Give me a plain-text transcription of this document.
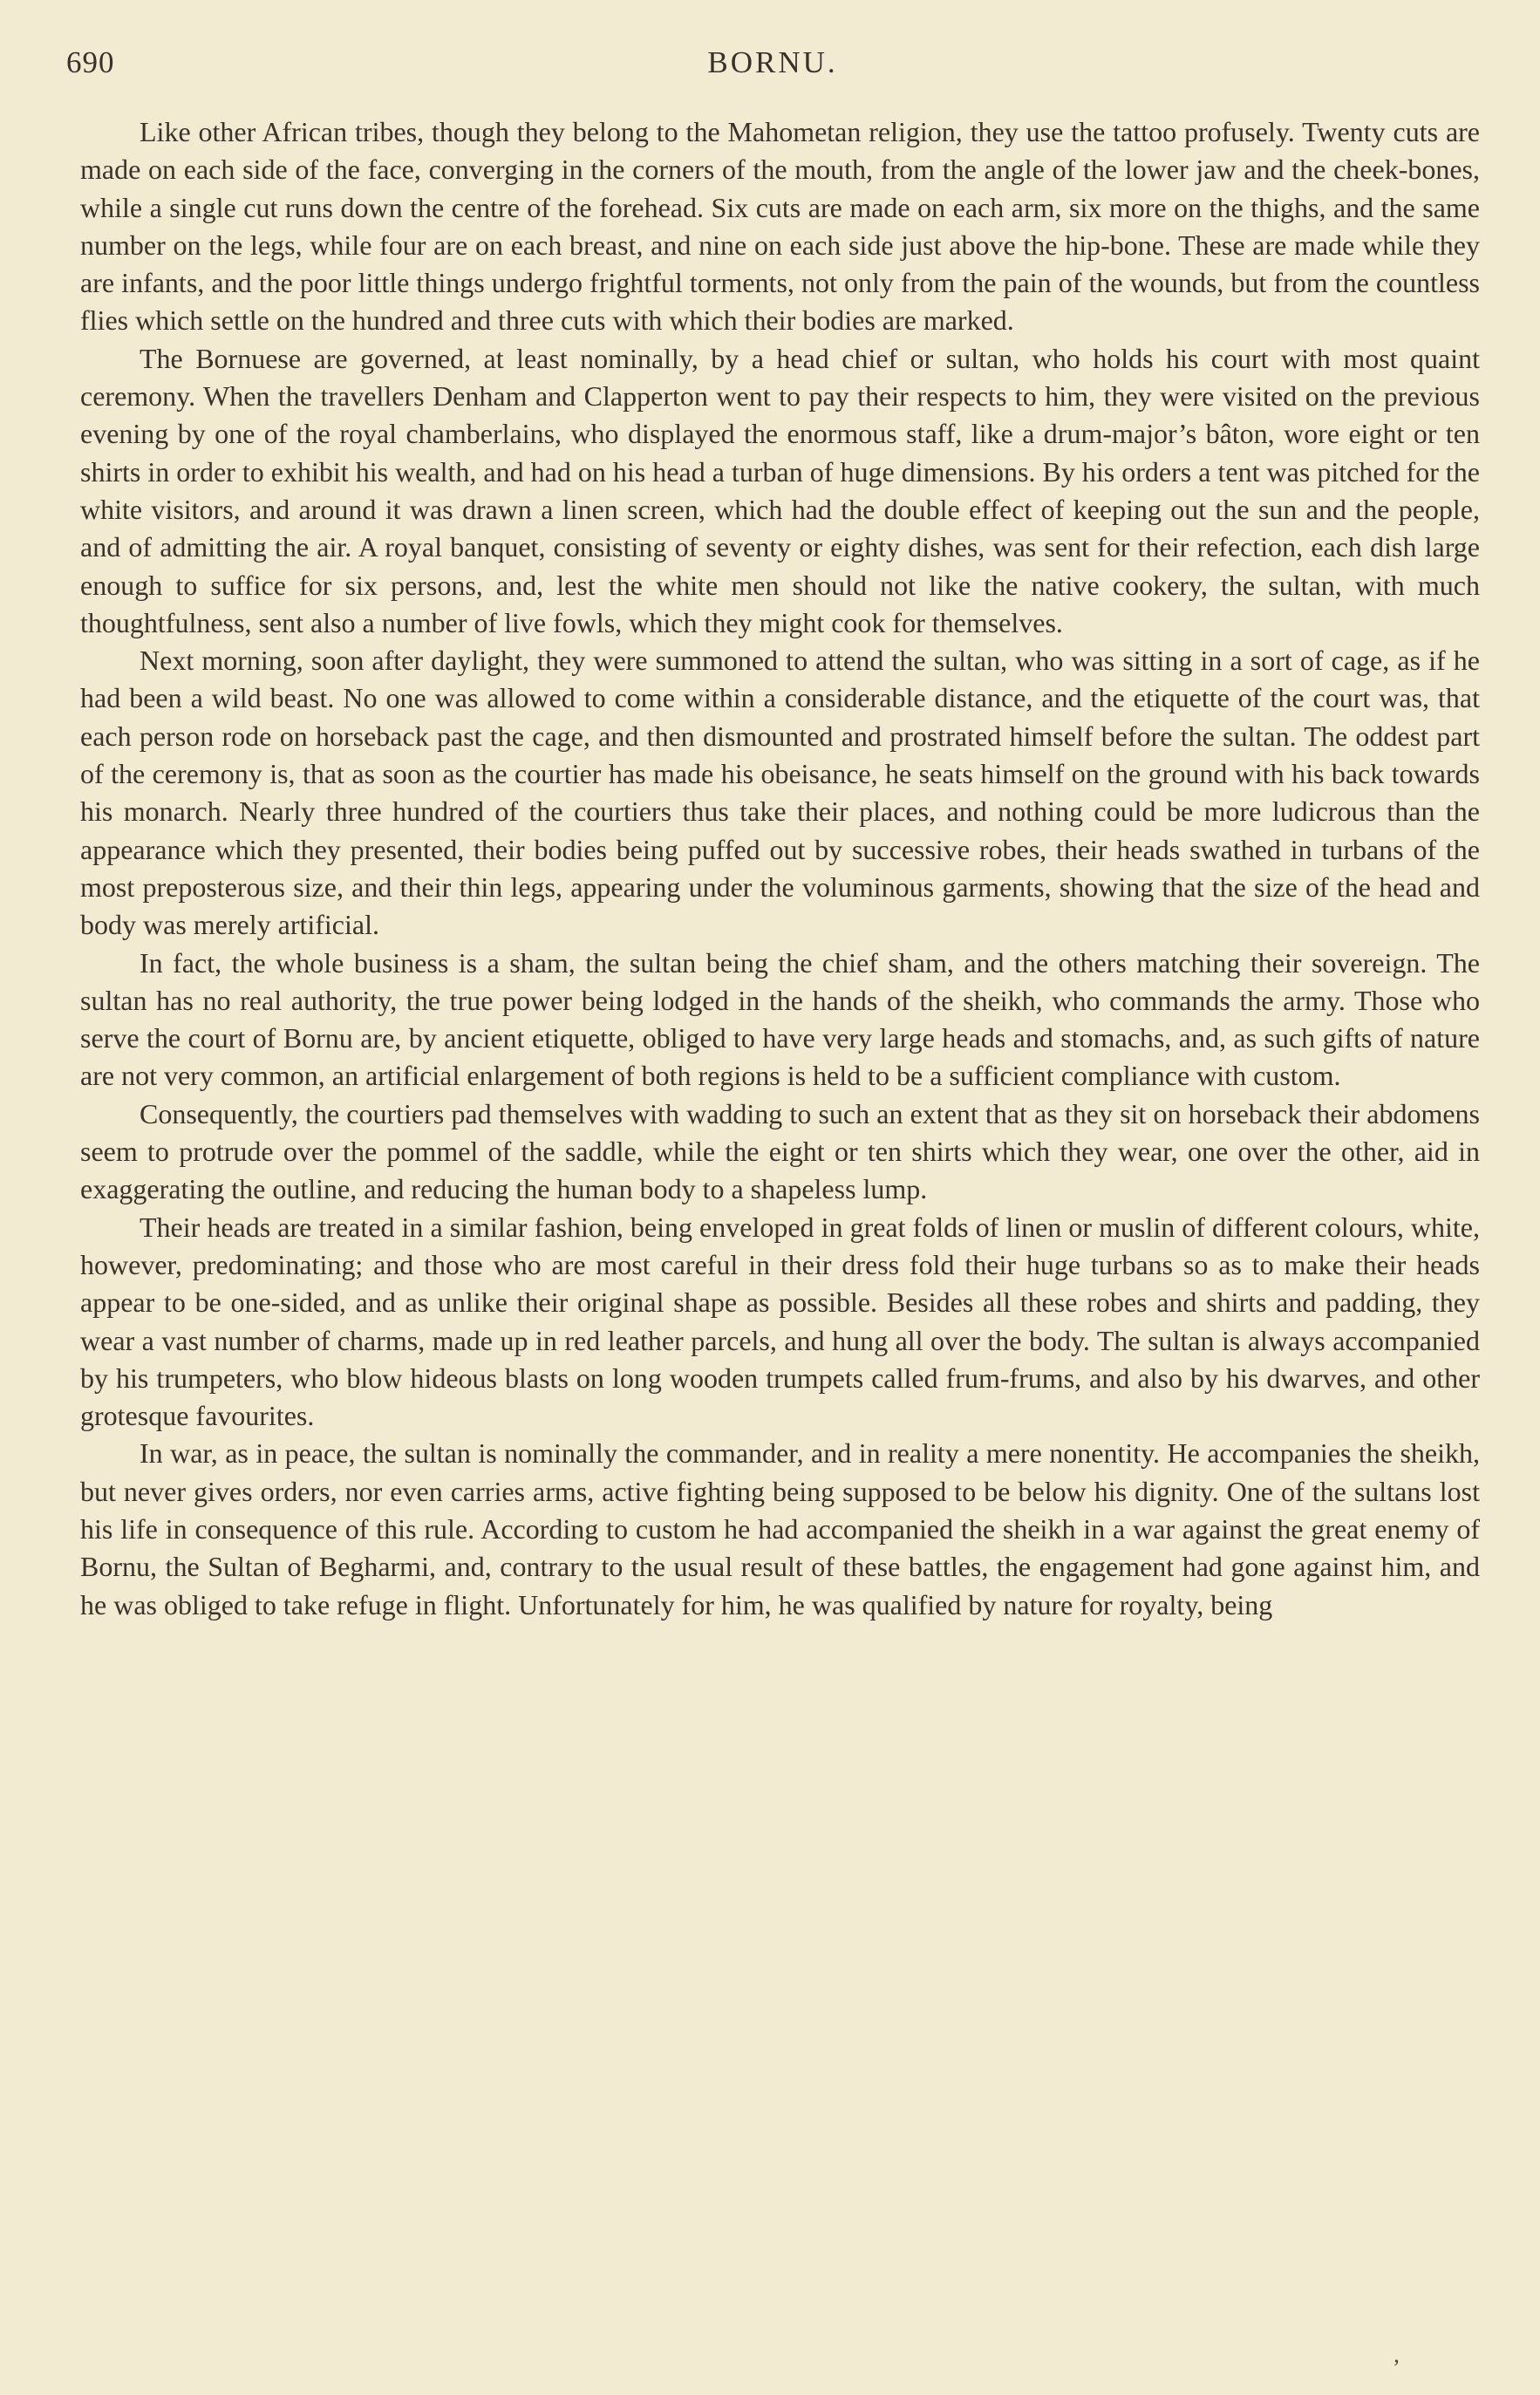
690	BORNU.

Like other African tribes, though they belong to the Mahometan religion, they use the tattoo profusely. Twenty cuts are made on each side of the face, converging in the corners of the mouth, from the angle of the lower jaw and the cheek-bones, while a single cut runs down the centre of the forehead. Six cuts are made on each arm, six more on the thighs, and the same number on the legs, while four are on each breast, and nine on each side just above the hip-bone. These are made while they are infants, and the poor little things undergo frightful torments, not only from the pain of the wounds, but from the countless flies which settle on the hundred and three cuts with which their bodies are marked.

The Bornuese are governed, at least nominally, by a head chief or sultan, who holds his court with most quaint ceremony. When the travellers Denham and Clapperton went to pay their respects to him, they were visited on the previous evening by one of the royal chamberlains, who displayed the enormous staff, like a drum-major’s bâton, wore eight or ten shirts in order to exhibit his wealth, and had on his head a turban of huge dimensions. By his orders a tent was pitched for the white visitors, and around it was drawn a linen screen, which had the double effect of keeping out the sun and the people, and of admitting the air. A royal banquet, consisting of seventy or eighty dishes, was sent for their refection, each dish large enough to suffice for six persons, and, lest the white men should not like the native cookery, the sultan, with much thoughtfulness, sent also a number of live fowls, which they might cook for themselves.

Next morning, soon after daylight, they were summoned to attend the sultan, who was sitting in a sort of cage, as if he had been a wild beast. No one was allowed to come within a considerable distance, and the etiquette of the court was, that each person rode on horseback past the cage, and then dismounted and prostrated himself before the sultan. The oddest part of the ceremony is, that as soon as the courtier has made his obeisance, he seats himself on the ground with his back towards his monarch. Nearly three hundred of the courtiers thus take their places, and nothing could be more ludicrous than the appearance which they presented, their bodies being puffed out by successive robes, their heads swathed in turbans of the most preposterous size, and their thin legs, appearing under the voluminous garments, showing that the size of the head and body was merely artificial.

In fact, the whole business is a sham, the sultan being the chief sham, and the others matching their sovereign. The sultan has no real authority, the true power being lodged in the hands of the sheikh, who commands the army. Those who serve the court of Bornu are, by ancient etiquette, obliged to have very large heads and stomachs, and, as such gifts of nature are not very common, an artificial enlargement of both regions is held to be a sufficient compliance with custom.

Consequently, the courtiers pad themselves with wadding to such an extent that as they sit on horseback their abdomens seem to protrude over the pommel of the saddle, while the eight or ten shirts which they wear, one over the other, aid in exaggerating the outline, and reducing the human body to a shapeless lump.

Their heads are treated in a similar fashion, being enveloped in great folds of linen or muslin of different colours, white, however, predominating; and those who are most careful in their dress fold their huge turbans so as to make their heads appear to be one-sided, and as unlike their original shape as possible. Besides all these robes and shirts and padding, they wear a vast number of charms, made up in red leather parcels, and hung all over the body. The sultan is always accompanied by his trumpeters, who blow hideous blasts on long wooden trumpets called frum-frums, and also by his dwarves, and other grotesque favourites.

In war, as in peace, the sultan is nominally the commander, and in reality a mere nonentity. He accompanies the sheikh, but never gives orders, nor even carries arms, active fighting being supposed to be below his dignity. One of the sultans lost his life in consequence of this rule. According to custom he had accompanied the sheikh in a war against the great enemy of Bornu, the Sultan of Begharmi, and, contrary to the usual result of these battles, the engagement had gone against him, and he was obliged to take refuge in flight. Unfortunately for him, he was qualified by nature for royalty, being

’
